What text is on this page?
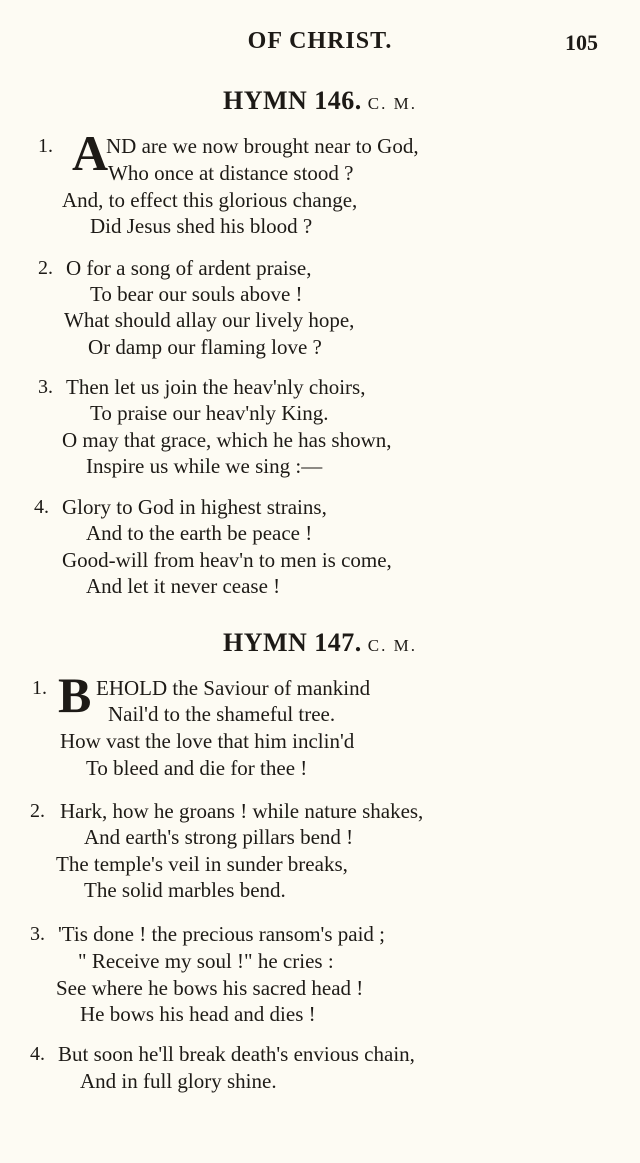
OF CHRIST.	105
HYMN 146. C. M.
1. A
ND are we now brought near to God,
Who once at distance stood ?
And, to effect this glorious change,
Did Jesus shed his blood ?
2. O for a song of ardent praise,
To bear our souls above !
What should allay our lively hope,
Or damp our flaming love ?
3. Then let us join the heav'nly choirs,
To praise our heav'nly King.
O may that grace, which he has shown,
Inspire us while we sing :—
4. Glory to God in highest strains,
And to the earth be peace !
Good-will from heav'n to men is come,
And let it never cease !
HYMN 147. C. M.
1. B EHOLD the Saviour of mankind
Nail'd to the shameful tree.
How vast the love that him inclin'd
To bleed and die for thee !
2. Hark, how he groans ! while nature shakes,
And earth's strong pillars bend !
The temple's veil in sunder breaks,
The solid marbles bend.
3. 'Tis done ! the precious ransom's paid ;
" Receive my soul !" he cries :
See where he bows his sacred head !
He bows his head and dies !
4. But soon he'll break death's envious chain,
And in full glory shine.
